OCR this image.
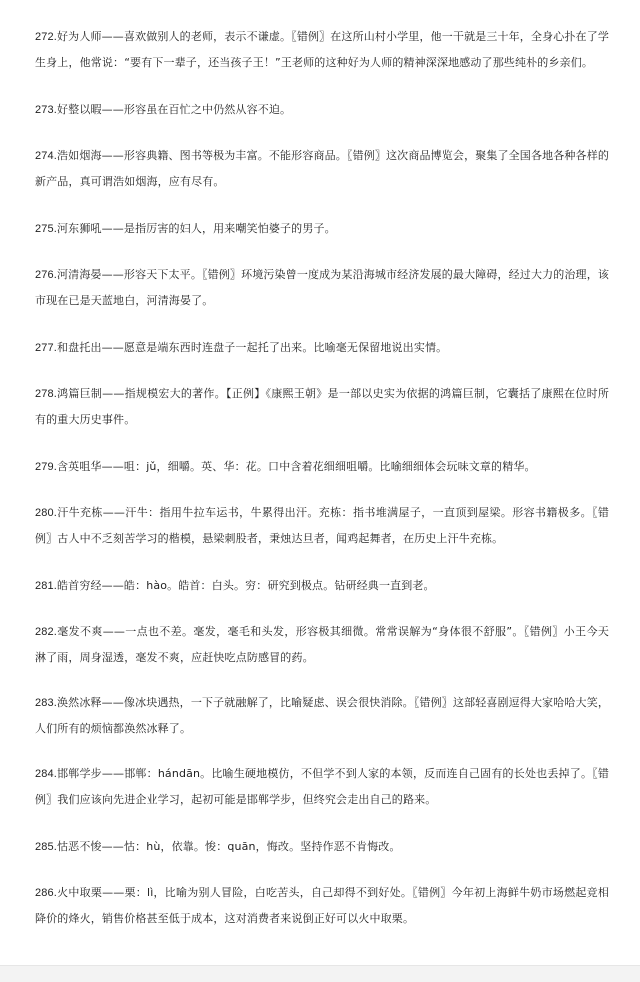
272.好为人师——喜欢做别人的老师，表示不谦虚。〖错例〗在这所山村小学里，他一干就是三十年，全身心扑在了学生身上，他常说：“要有下一辈子，还当孩子王！”王老师的这种好为人师的精神深深地感动了那些纯朴的乡亲们。

273.好整以暇——形容虽在百忙之中仍然从容不迫。

274.浩如烟海——形容典籍、图书等极为丰富。不能形容商品。〖错例〗这次商品博览会，聚集了全国各地各种各样的新产品，真可谓浩如烟海，应有尽有。

275.河东狮吼——是指厉害的妇人，用来嘲笑怕婆子的男子。

276.河清海晏——形容天下太平。〖错例〗环境污染曾一度成为某沿海城市经济发展的最大障碍，经过大力的治理，该市现在已是天蓝地白，河清海晏了。

277.和盘托出——愿意是端东西时连盘子一起托了出来。比喻毫无保留地说出实情。

278.鸿篇巨制——指规模宏大的著作。【正例】《康熙王朝》是一部以史实为依据的鸿篇巨制，它囊括了康熙在位时所有的重大历史事件。

279.含英咀华——咀：jǔ，细嚼。英、华：花。口中含着花细细咀嚼。比喻细细体会玩味文章的精华。

280.汗牛充栋——汗牛：指用牛拉车运书，牛累得出汗。充栋：指书堆满屋子，一直顶到屋梁。形容书籍极多。〖错例〗古人中不乏刻苦学习的楷模，悬梁刺股者，秉烛达旦者，闻鸡起舞者，在历史上汗牛充栋。

281.皓首穷经——皓：hào。皓首：白头。穷：研究到极点。钻研经典一直到老。

282.毫发不爽——一点也不差。毫发，毫毛和头发，形容极其细微。常常误解为“身体很不舒服”。〖错例〗小王今天淋了雨，周身湿透，毫发不爽，应赶快吃点防感冒的药。

283.涣然冰释——像冰块遇热，一下子就融解了，比喻疑虑、误会很快消除。〖错例〗这部轻喜剧逗得大家哈哈大笑，人们所有的烦恼都涣然冰释了。

284.邯郸学步——邯郸：hándān。比喻生硬地模仿，不但学不到人家的本领，反而连自己固有的长处也丢掉了。〖错例〗我们应该向先进企业学习，起初可能是邯郸学步，但终究会走出自己的路来。

285.怙恶不悛——怙：hù，依靠。悛：quān，悔改。坚持作恶不肯悔改。

286.火中取栗——栗：lì，比喻为别人冒险，白吃苦头，自己却得不到好处。〖错例〗今年初上海鲜牛奶市场燃起竞相降价的烽火，销售价格甚至低于成本，这对消费者来说倒正好可以火中取栗。
